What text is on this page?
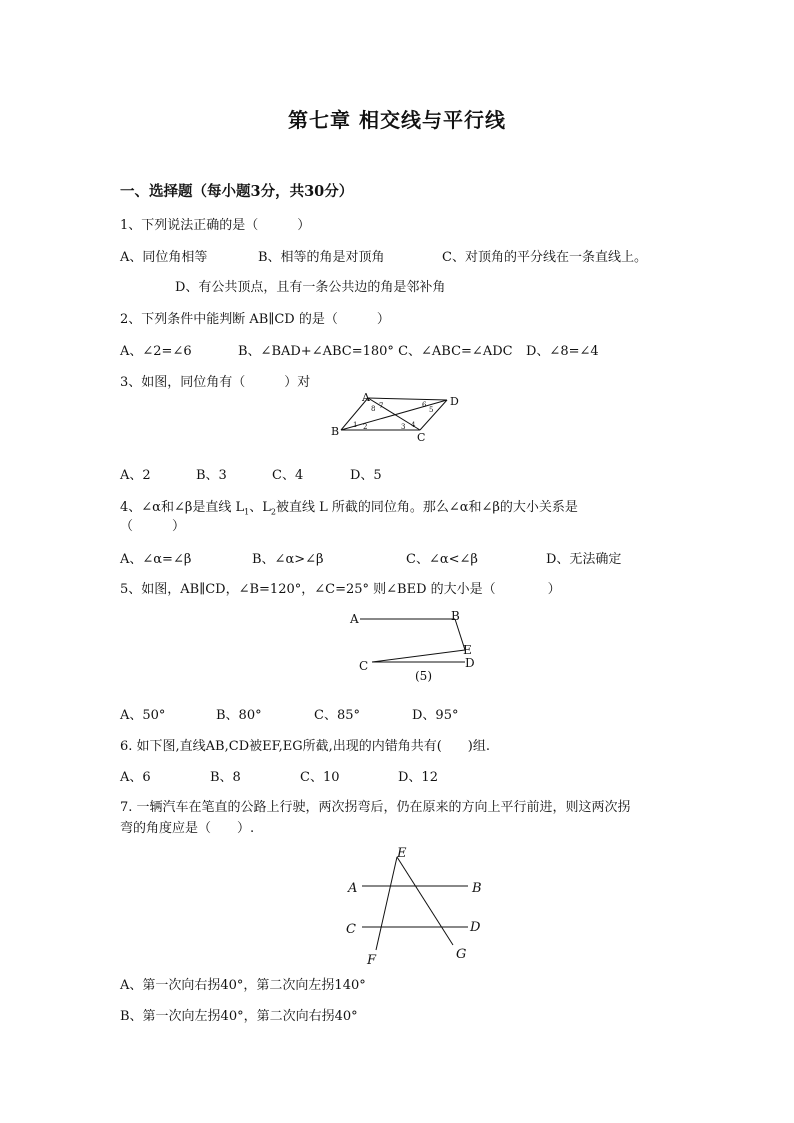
第七章 相交线与平行线
一、选择题（每小题3分，共30分）
1、下列说法正确的是（　　　）
A、同位角相等	B、相等的角是对顶角	C、对顶角的平分线在一条直线上。
D、有公共顶点，且有一条公共边的角是邻补角
2、下列条件中能判断 AB∥CD 的是（　　　）
A、∠2=∠6	B、∠BAD+∠ABC=180° C、∠ABC=∠ADC D、∠8=∠4
3、如图，同位角有（　　　）对
A
B	C
D
1 2	3 4
5
6
7
8
A、2	B、3	C、4	D、5
4、∠α和∠β是直线 $L_1$、$L_2$被直线 L 所截的同位角。那么∠α和∠β的大小关系是
（　　　）
A、∠α=∠β	B、∠α>∠β	C、∠α<∠β	D、无法确定
5、如图，AB∥CD，∠B=120°，∠C=25° 则∠BED 的大小是（　　　　）
A	B
C	D
E
(5)
A、50°	B、80°	C、85°	D、95°
6. 如下图,直线AB,CD被EF,EG所截,出现的内错角共有(　　)组.
A、6	B、8	C、10	D、12
7. 一辆汽车在笔直的公路上行驶，两次拐弯后，仍在原来的方向上平行前进，则这两次拐
弯的角度应是（　　）.
E
A	B
C	D
F	G
A、第一次向右拐40°，第二次向左拐140°
B、第一次向左拐40°，第二次向右拐40°
